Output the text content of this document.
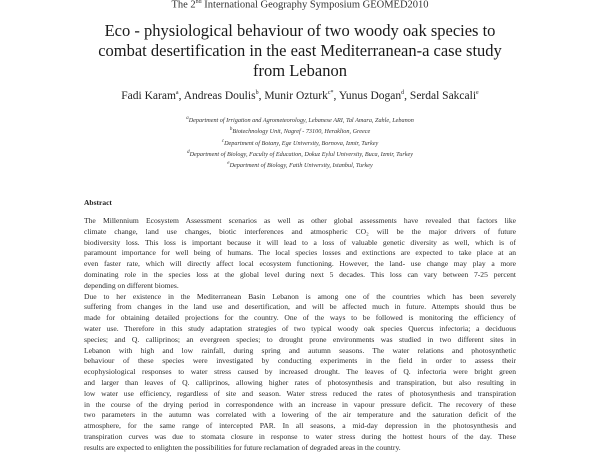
The 2nd International Geography Symposium GEOMED2010
Eco - physiological behaviour of two woody oak species to
combat desertification in the east Mediterranean-a case study
from Lebanon
Fadi Karam$^a$, Andreas Doulis$^b$, Munir Ozturk$^{c*}$, Yunus Dogan$^d$, Serdal Sakcali$^e$
$^a$Department of Irrigation and Agrometeorology, Lebanese ARI, Tal Amara, Zahle, Lebanon
$^b$Biotechnology Unit, Nagref - 73100, Heraklion, Greece
$^c$Department of Botany, Ege University, Bornova, Izmir, Turkey
$^d$Department of Biology, Faculty of Education, Dokuz Eylul University, Buca, Izmir, Turkey
$^e$Department of Biology, Fatih University, Istanbul, Turkey
Abstract
The Millennium Ecosystem Assessment scenarios as well as other global assessments have revealed that factors like
climate change, land use changes, biotic interferences and atmospheric CO₂ will be the major drivers of future
biodiversity loss. This loss is important because it will lead to a loss of valuable genetic diversity as well, which is of
paramount importance for well being of humans. The local species losses and extinctions are expected to take place at an
even faster rate, which will directly affect local ecosystem functioning. However, the land- use change may play a more
dominating role in the species loss at the global level during next 5 decades. This loss can vary between 7-25 percent
depending on different biomes.
Due to her existence in the Mediterranean Basin Lebanon is among one of the countries which has been severely
suffering from changes in the land use and desertification, and will be affected much in future. Attempts should thus be
made for obtaining detailed projections for the country. One of the ways to be followed is monitoring the efficiency of
water use. Therefore in this study adaptation strategies of two typical woody oak species Quercus infectoria; a deciduous
species; and Q. calliprinos; an evergreen species; to drought prone environments was studied in two different sites in
Lebanon with high and low rainfall, during spring and autumn seasons. The water relations and photosynthetic
behaviour of these species were investigated by conducting experiments in the field in order to assess their
ecophysiological responses to water stress caused by increased drought. The leaves of Q. infectoria were bright green
and larger than leaves of Q. calliprinos, allowing higher rates of photosynthesis and transpiration, but also resulting in
low water use efficiency, regardless of site and season. Water stress reduced the rates of photosynthesis and transpiration
in the course of the drying period in correspondence with an increase in vapour pressure deficit. The recovery of these
two parameters in the autumn was correlated with a lowering of the air temperature and the saturation deficit of the
atmosphere, for the same range of intercepted PAR. In all seasons, a mid-day depression in the photosynthesis and
transpiration curves was due to stomata closure in response to water stress during the hottest hours of the day. These
results are expected to enlighten the possibilities for future reclamation of degraded areas in the country.
